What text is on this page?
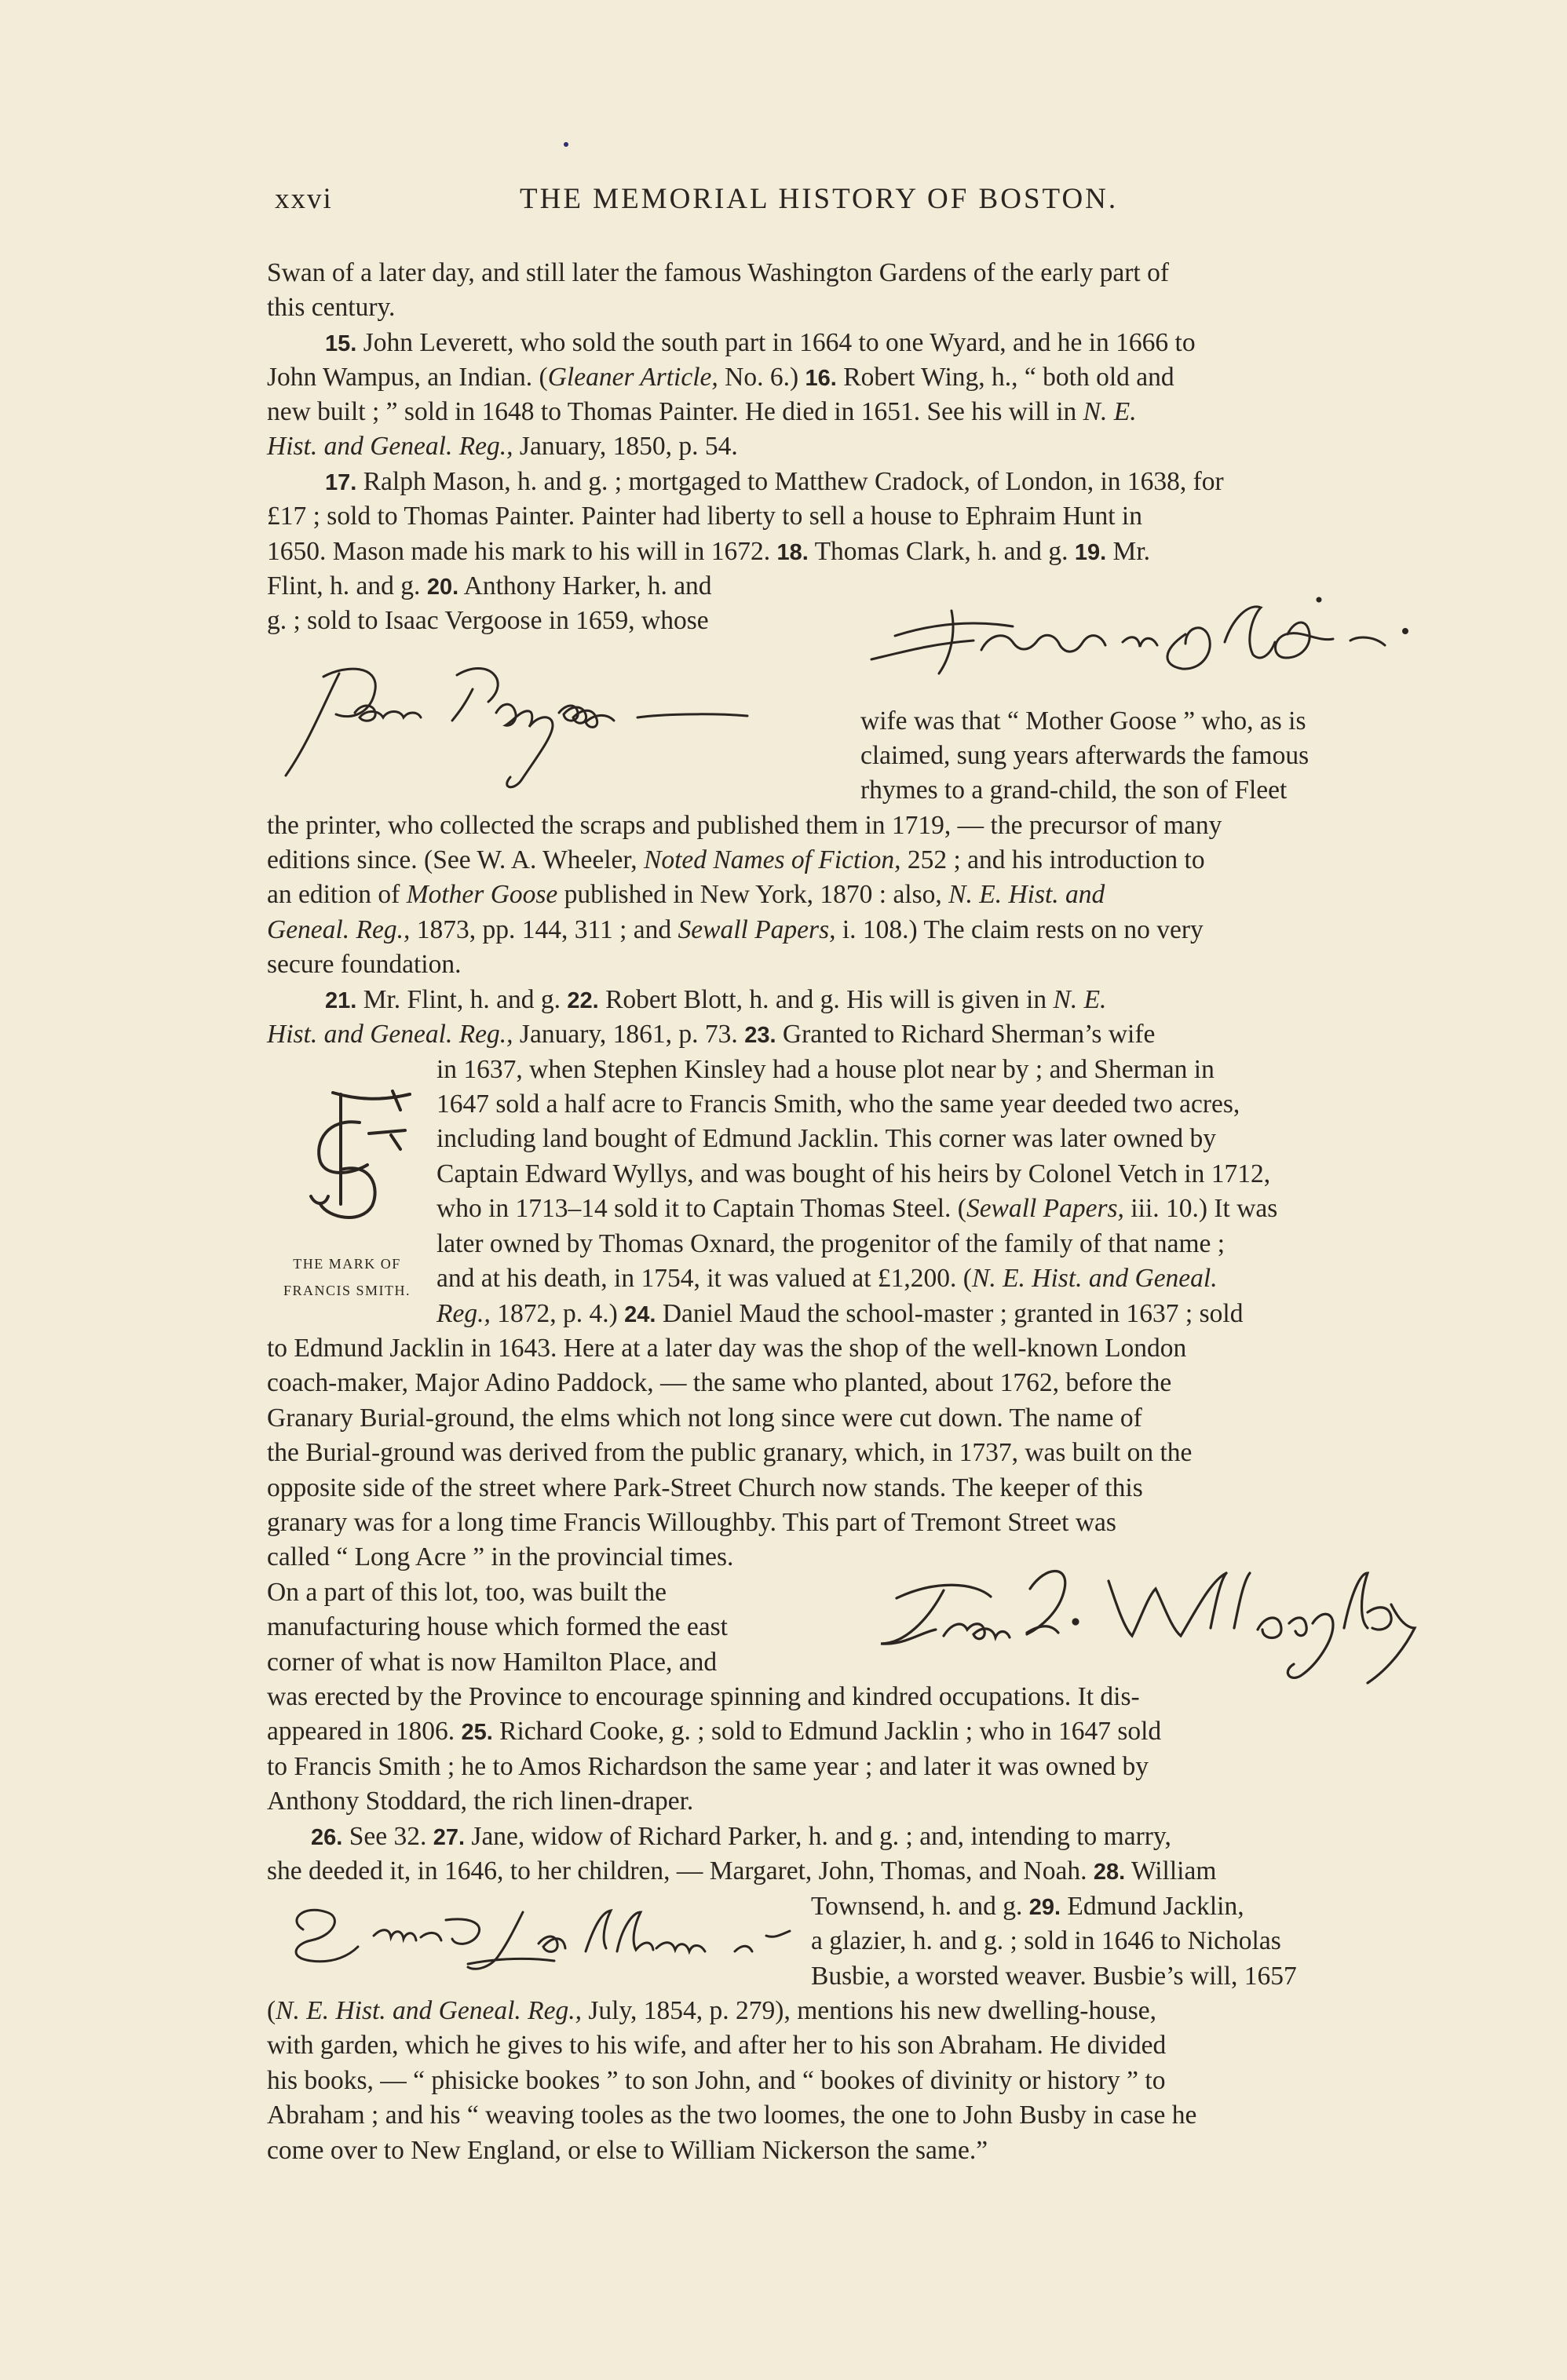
xxvi	THE MEMORIAL HISTORY OF BOSTON.
Swan of a later day, and still later the famous Washington Gardens of the early part of
this century.
15. John Leverett, who sold the south part in 1664 to one Wyard, and he in 1666 to
John Wampus, an Indian. (Gleaner Article, No. 6.) 16. Robert Wing, h., “ both old and
new built ; ” sold in 1648 to Thomas Painter. He died in 1651. See his will in N. E.
Hist. and Geneal. Reg., January, 1850, p. 54.
17. Ralph Mason, h. and g. ; mortgaged to Matthew Cradock, of London, in 1638, for
£17 ; sold to Thomas Painter. Painter had liberty to sell a house to Ephraim Hunt in
1650. Mason made his mark to his will in 1672. 18. Thomas Clark, h. and g. 19. Mr.
Flint, h. and g. 20. Anthony Harker, h. and
g. ; sold to Isaac Vergoose in 1659, whose
wife was that “ Mother Goose ” who, as is
claimed, sung years afterwards the famous
rhymes to a grand-child, the son of Fleet
the printer, who collected the scraps and published them in 1719, — the precursor of many
editions since. (See W. A. Wheeler, Noted Names of Fiction, 252 ; and his introduction to
an edition of Mother Goose published in New York, 1870 : also, N. E. Hist. and
Geneal. Reg., 1873, pp. 144, 311 ; and Sewall Papers, i. 108.) The claim rests on no very
secure foundation.
21. Mr. Flint, h. and g. 22. Robert Blott, h. and g. His will is given in N. E.
Hist. and Geneal. Reg., January, 1861, p. 73. 23. Granted to Richard Sherman’s wife
in 1637, when Stephen Kinsley had a house plot near by ; and Sherman in
1647 sold a half acre to Francis Smith, who the same year deeded two acres,
including land bought of Edmund Jacklin. This corner was later owned by
Captain Edward Wyllys, and was bought of his heirs by Colonel Vetch in 1712,
who in 1713–14 sold it to Captain Thomas Steel. (Sewall Papers, iii. 10.) It was
later owned by Thomas Oxnard, the progenitor of the family of that name ;
and at his death, in 1754, it was valued at £1,200. (N. E. Hist. and Geneal.
Reg., 1872, p. 4.) 24. Daniel Maud the school-master ; granted in 1637 ; sold
to Edmund Jacklin in 1643. Here at a later day was the shop of the well-known London
coach-maker, Major Adino Paddock, — the same who planted, about 1762, before the
Granary Burial-ground, the elms which not long since were cut down. The name of
the Burial-ground was derived from the public granary, which, in 1737, was built on the
opposite side of the street where Park-Street Church now stands. The keeper of this
granary was for a long time Francis Willoughby. This part of Tremont Street was
called “ Long Acre ” in the provincial times.
On a part of this lot, too, was built the
manufacturing house which formed the east
corner of what is now Hamilton Place, and
was erected by the Province to encourage spinning and kindred occupations. It dis-
appeared in 1806. 25. Richard Cooke, g. ; sold to Edmund Jacklin ; who in 1647 sold
to Francis Smith ; he to Amos Richardson the same year ; and later it was owned by
Anthony Stoddard, the rich linen-draper.
26. See 32. 27. Jane, widow of Richard Parker, h. and g. ; and, intending to marry,
she deeded it, in 1646, to her children, — Margaret, John, Thomas, and Noah. 28. William
Townsend, h. and g. 29. Edmund Jacklin,
a glazier, h. and g. ; sold in 1646 to Nicholas
Busbie, a worsted weaver. Busbie’s will, 1657
(N. E. Hist. and Geneal. Reg., July, 1854, p. 279), mentions his new dwelling-house,
with garden, which he gives to his wife, and after her to his son Abraham. He divided
his books, — “ phisicke bookes ” to son John, and “ bookes of divinity or history ” to
Abraham ; and his “ weaving tooles as the two loomes, the one to John Busby in case he
come over to New England, or else to William Nickerson the same.”
THE MARK OF
FRANCIS SMITH.
